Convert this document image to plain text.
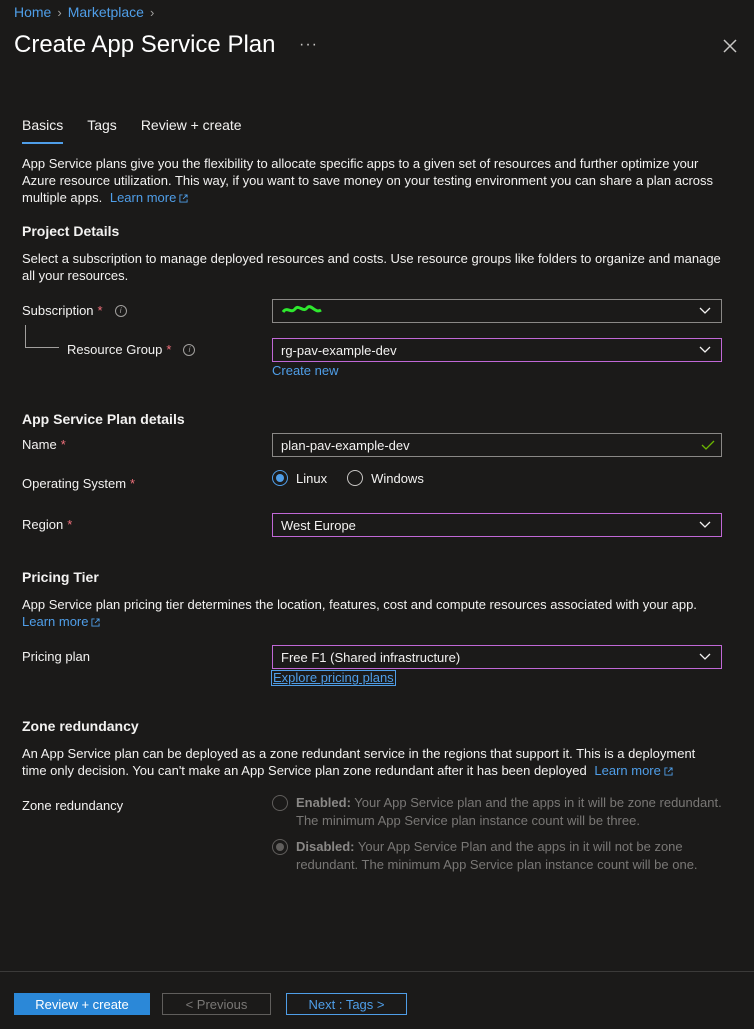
Home › Marketplace ›
Create App Service Plan ···
Basics Tags Review + create
App Service plans give you the flexibility to allocate specific apps to a given set of resources and further optimize your Azure resource utilization. This way, if you want to save money on your testing environment you can share a plan across multiple apps. Learn more
Project Details
Select a subscription to manage deployed resources and costs. Use resource groups like folders to organize and manage all your resources.
Subscription *	i
Resource Group *	i	rg-pav-example-dev
Create new
App Service Plan details
Name *	plan-pav-example-dev
Operating System *	Linux	Windows
Region *	West Europe
Pricing Tier
App Service plan pricing tier determines the location, features, cost and compute resources associated with your app.
Learn more
Pricing plan	Free F1 (Shared infrastructure)
Explore pricing plans
Zone redundancy
An App Service plan can be deployed as a zone redundant service in the regions that support it. This is a deployment time only decision. You can't make an App Service plan zone redundant after it has been deployed Learn more
Zone redundancy	Enabled: Your App Service plan and the apps in it will be zone redundant. The minimum App Service plan instance count will be three.
Disabled: Your App Service Plan and the apps in it will not be zone redundant. The minimum App Service plan instance count will be one.
Review + create	< Previous	Next : Tags >
